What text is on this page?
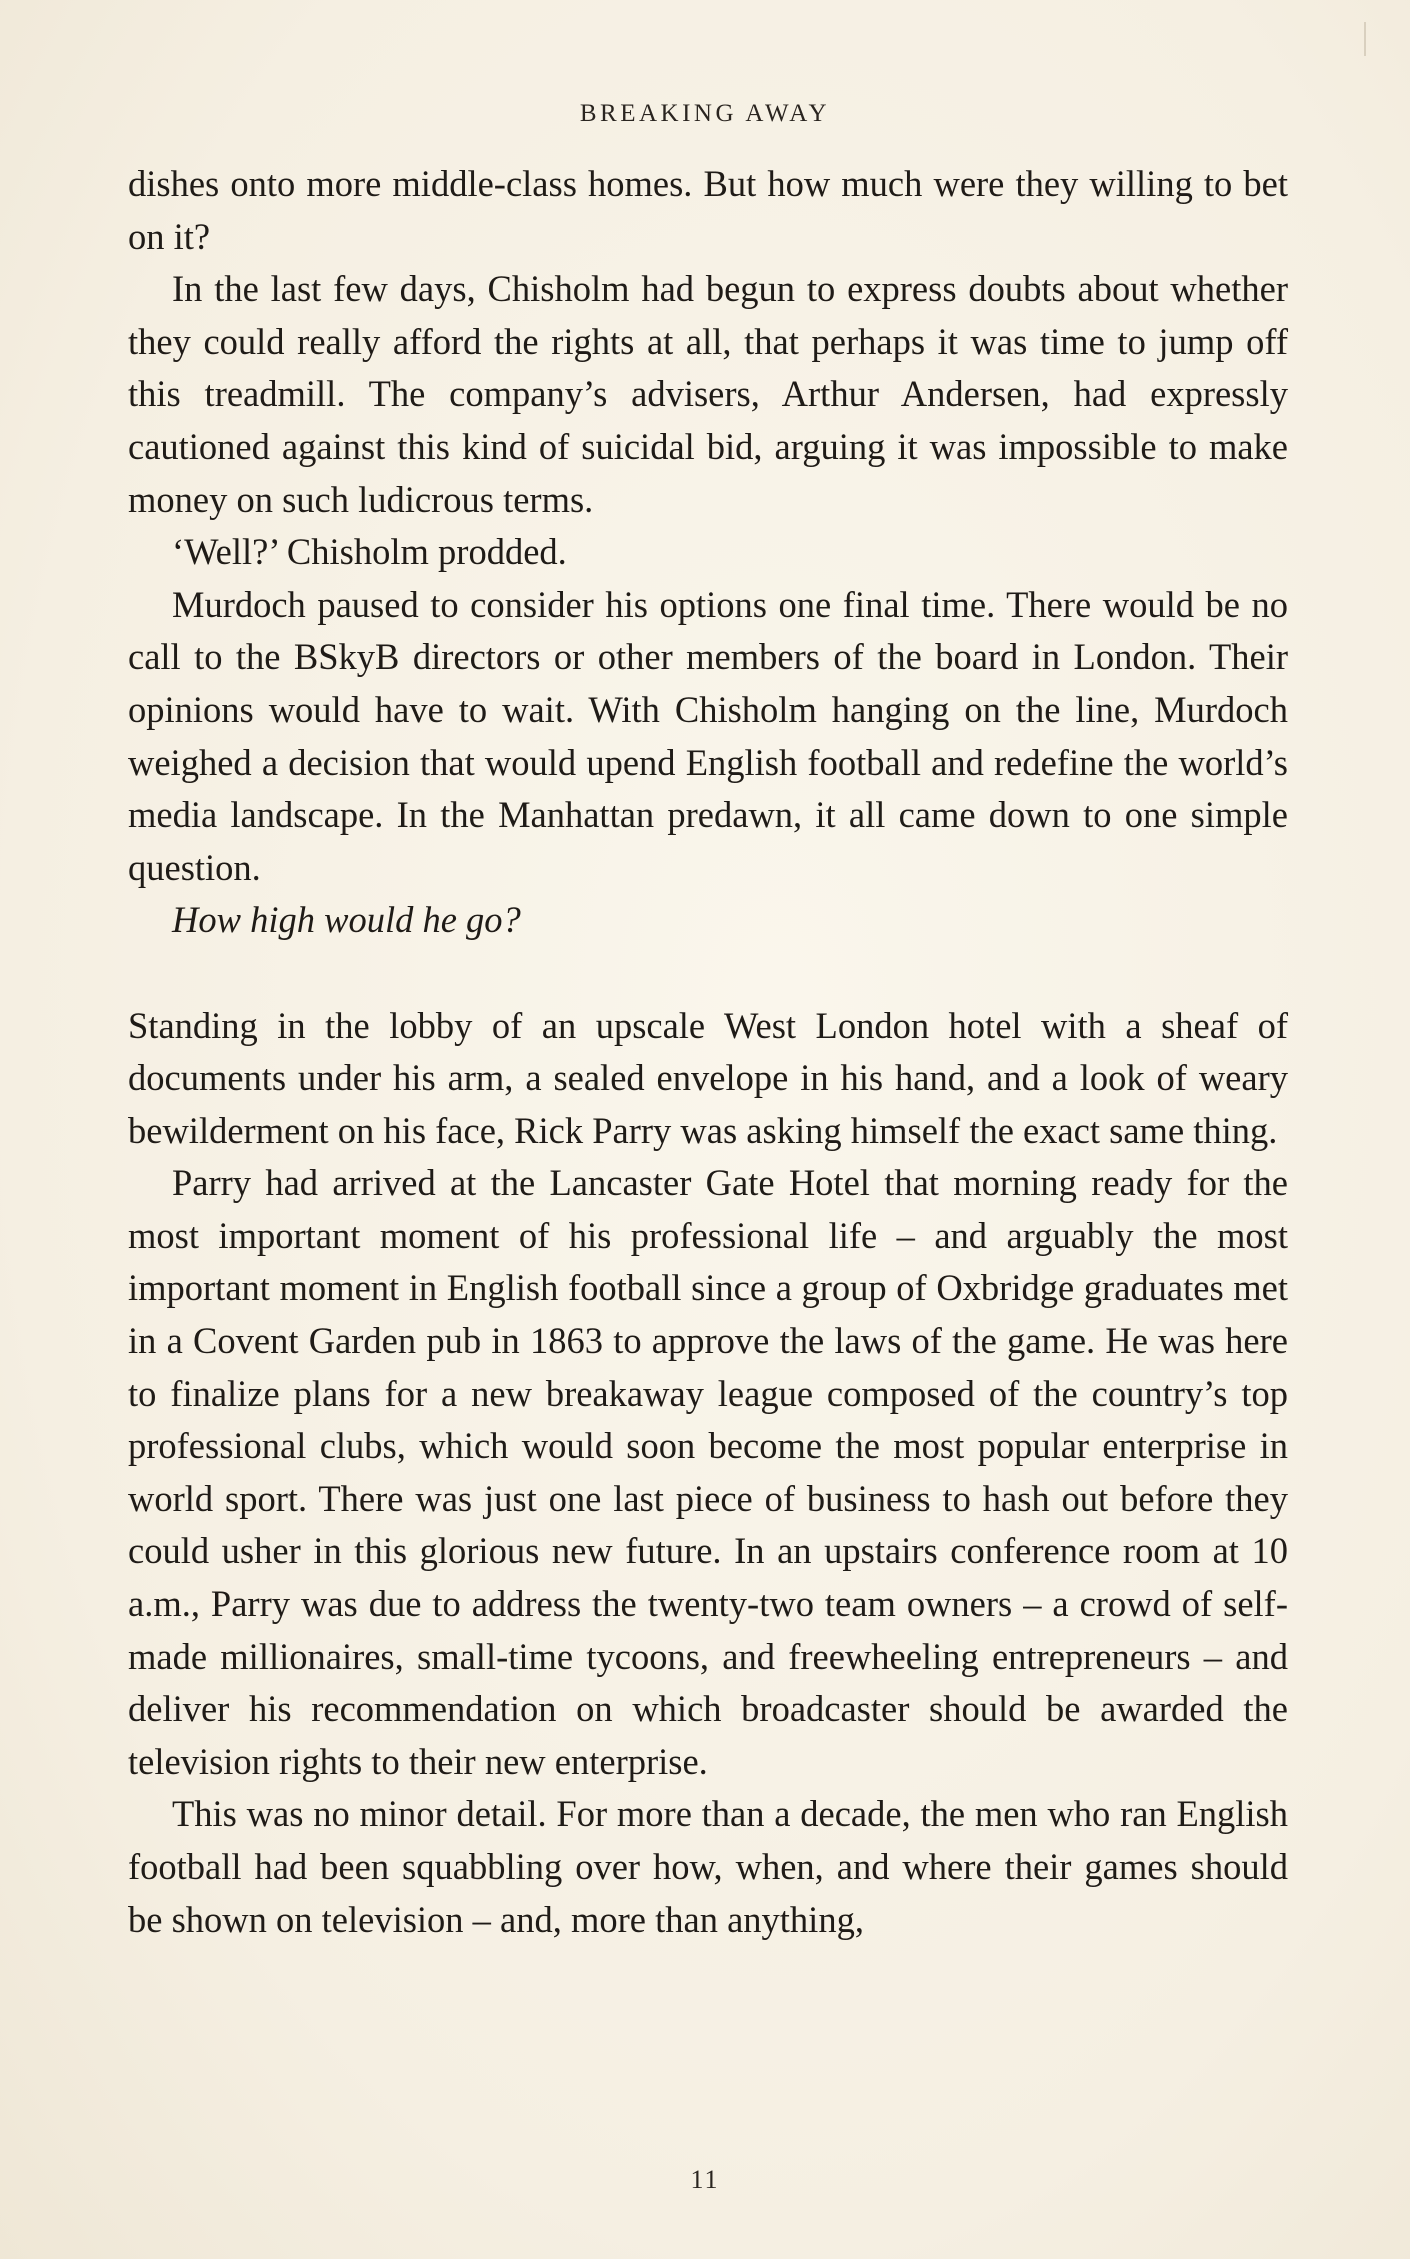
BREAKING AWAY

dishes onto more middle-class homes. But how much were they willing to bet on it?

In the last few days, Chisholm had begun to express doubts about whether they could really afford the rights at all, that perhaps it was time to jump off this treadmill. The company’s advisers, Arthur Andersen, had expressly cautioned against this kind of suicidal bid, arguing it was impossible to make money on such ludicrous terms.

‘Well?’ Chisholm prodded.

Murdoch paused to consider his options one final time. There would be no call to the BSkyB directors or other members of the board in London. Their opinions would have to wait. With Chisholm hanging on the line, Murdoch weighed a decision that would upend English football and redefine the world’s media landscape. In the Manhattan predawn, it all came down to one simple question.

How high would he go?

Standing in the lobby of an upscale West London hotel with a sheaf of documents under his arm, a sealed envelope in his hand, and a look of weary bewilderment on his face, Rick Parry was asking himself the exact same thing.

Parry had arrived at the Lancaster Gate Hotel that morning ready for the most important moment of his professional life – and arguably the most important moment in English football since a group of Oxbridge graduates met in a Covent Garden pub in 1863 to approve the laws of the game. He was here to finalize plans for a new breakaway league composed of the country’s top professional clubs, which would soon become the most popular enterprise in world sport. There was just one last piece of business to hash out before they could usher in this glorious new future. In an upstairs conference room at 10 a.m., Parry was due to address the twenty-two team owners – a crowd of self-made millionaires, small-time tycoons, and freewheeling entrepreneurs – and deliver his recommendation on which broadcaster should be awarded the television rights to their new enterprise.

This was no minor detail. For more than a decade, the men who ran English football had been squabbling over how, when, and where their games should be shown on television – and, more than anything,

11
